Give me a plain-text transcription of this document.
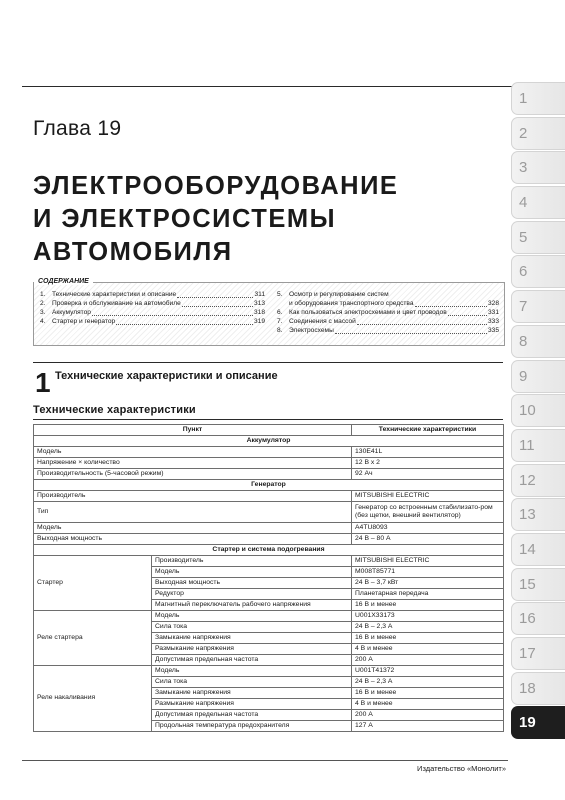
Глава 19
ЭЛЕКТРООБОРУДОВАНИЕ
И ЭЛЕКТРОСИСТЕМЫ
АВТОМОБИЛЯ
1. Технические характеристики и описание	311
2. Проверка и обслуживание на автомобиле	313
3. Аккумулятор	318
4. Стартер и генератор	319
5. Осмотр и регулирование систем
и оборудования транспортного средства	328
6. Как пользоваться электросхемами и цвет проводов	331
7. Соединения с массой	333
8. Электросхемы	335
СОДЕРЖАНИЕ
1 Технические характеристики и описание
Технические характеристики
Пункт		Технические характеристики
Аккумулятор		
Модель		130E41L
Напряжение × количество		12 В х 2
Производительность (5-часовой режим)		92 Ач
Генератор		
Производитель		MITSUBISHI ELECTRIC
Тип		Генератор со встроенным стабилизато-ром (без щетки, внешний вентилятор)
Модель		A4TU8093
Выходная мощность		24 В – 80 А
Стартер и система подогревания		
Стартер	Производитель	MITSUBISHI ELECTRIC
	Модель	M008T85771
	Выходная мощность	24 В – 3,7 кВт
	Редуктор	Планетарная передача
	Магнитный переключатель рабочего напряжения	16 В и менее
Реле стартера	Модель	U001X33173
	Сила тока	24 В – 2,3 А
	Замыкание напряжения	16 В и менее
	Размыкание напряжения	4 В и менее
	Допустимая предельная частота	200 А
Реле накаливания	Модель	U001T41372
	Сила тока	24 В – 2,3 А
	Замыкание напряжения	16 В и менее
	Размыкание напряжения	4 В и менее
	Допустимая предельная частота	200 А
	Продольная температура предохранителя	127 А
1
2
3
4
5
6
7
8
9
10
11
12
13
14
15
16
17
18
19
Издательство «Монолит»
